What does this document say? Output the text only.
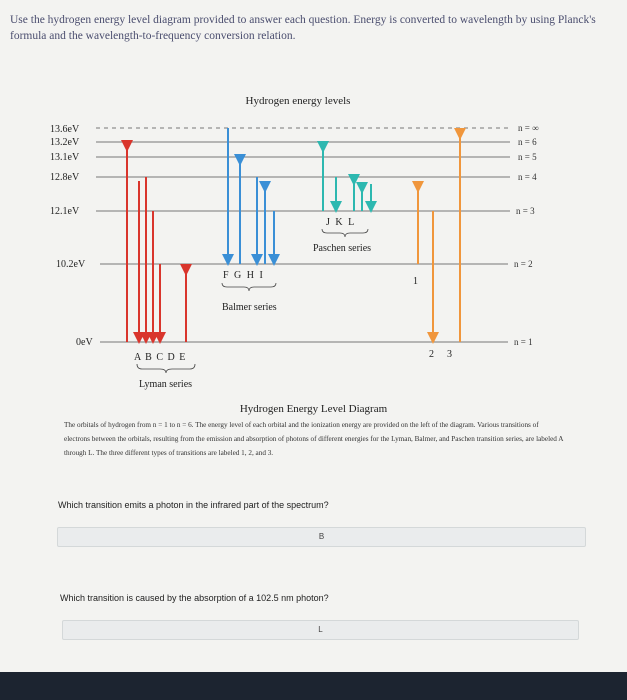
Use the hydrogen energy level diagram provided to answer each question. Energy is converted to wavelength by using Planck's formula and the wavelength-to-frequency conversion relation.
Hydrogen energy levels
13.6eV
13.2eV
13.1eV
12.8eV
12.1eV
10.2eV
0eV
n = ∞
n = 6
n = 5
n = 4
n = 3
n = 2
n = 1
A B C D E
Lyman series
F G H I
Balmer series
J K L
Paschen series
1
2 3
Hydrogen Energy Level Diagram
The orbitals of hydrogen from n = 1 to n = 6. The energy level of each orbital and the ionization energy are provided on the left of the diagram. Various transitions of electrons between the orbitals, resulting from the emission and absorption of photons of different energies for the Lyman, Balmer, and Paschen transition series, are labeled A through L. The three different types of transitions are labeled 1, 2, and 3.
Which transition emits a photon in the infrared part of the spectrum?
B
Which transition is caused by the absorption of a 102.5 nm photon?
L
